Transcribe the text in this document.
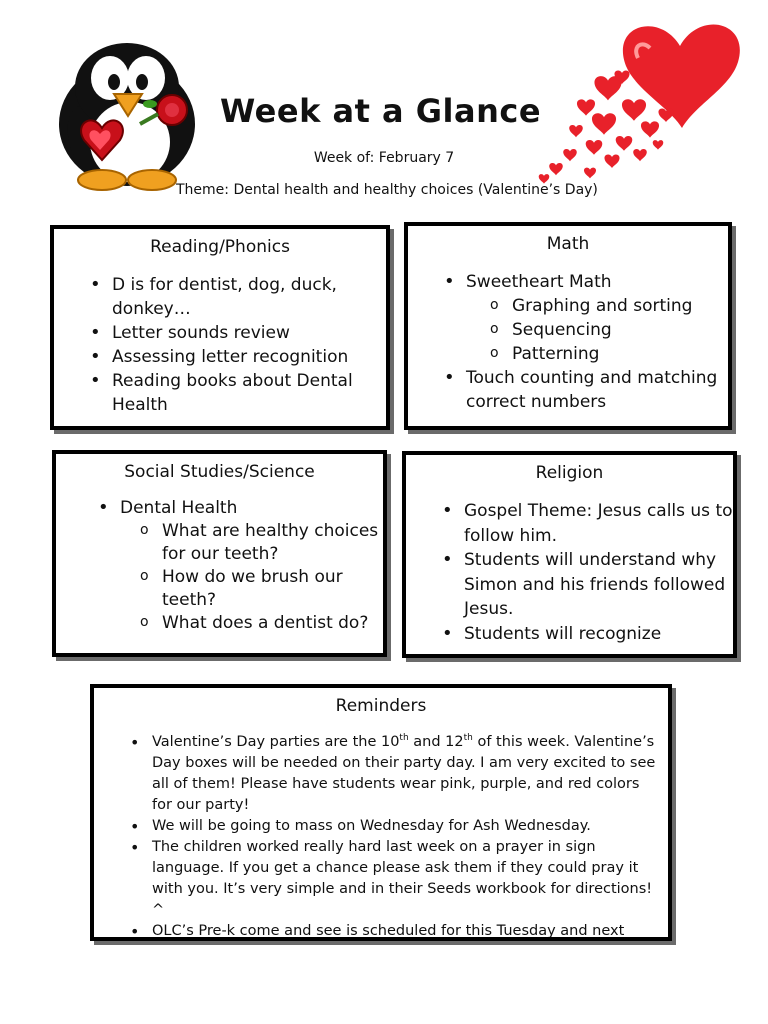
Week at a Glance
Week of: February 7
Theme: Dental health and healthy choices (Valentine’s Day)
Reading/Phonics
• D is for dentist, dog, duck, donkey…
• Letter sounds review
• Assessing letter recognition
• Reading books about Dental Health
Math
• Sweetheart Math
o Graphing and sorting
o Sequencing
o Patterning
• Touch counting and matching correct numbers
Social Studies/Science
• Dental Health
o What are healthy choices for our teeth?
o How do we brush our teeth?
o What does a dentist do?
Religion
• Gospel Theme: Jesus calls us to follow him.
• Students will understand why Simon and his friends followed Jesus.
• Students will recognize
Reminders
• Valentine’s Day parties are the 10th and 12th of this week. Valentine’s Day boxes will be needed on their party day. I am very excited to see all of them! Please have students wear pink, purple, and red colors for our party!
• We will be going to mass on Wednesday for Ash Wednesday.
• The children worked really hard last week on a prayer in sign language. If you get a chance please ask them if they could pray it with you. It’s very simple and in their Seeds workbook for directions! ^
• OLC’s Pre-k come and see is scheduled for this Tuesday and next
